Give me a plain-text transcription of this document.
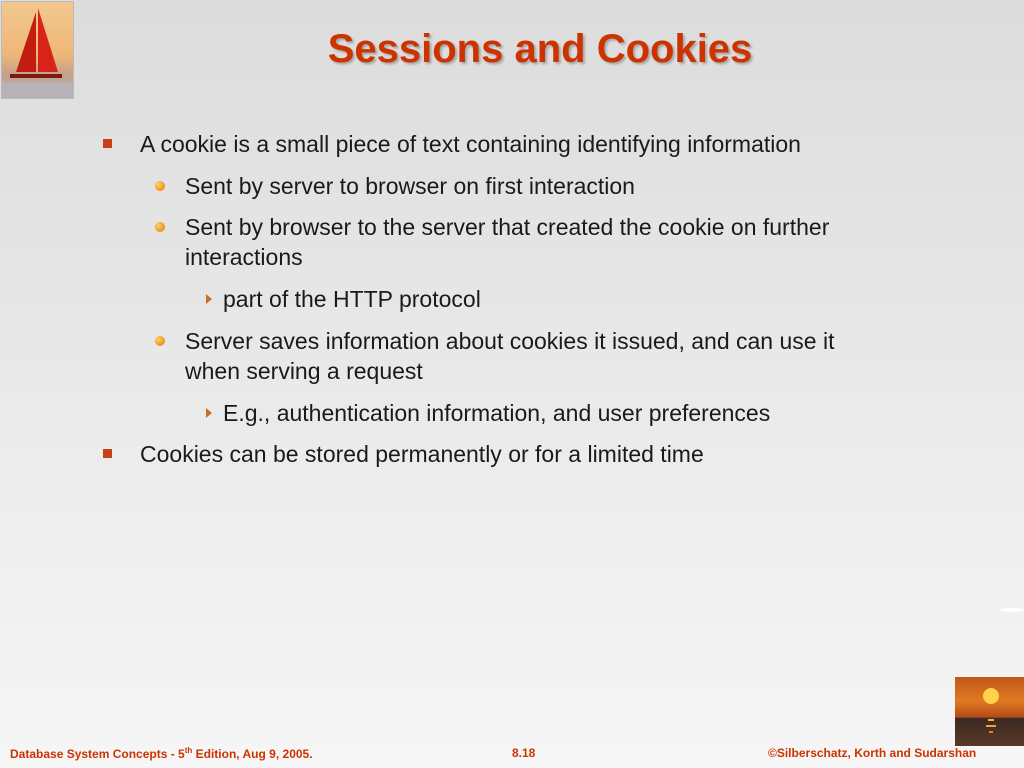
Sessions and Cookies
A cookie is a small piece of text containing identifying information
Sent by server to browser on first interaction
Sent by browser to the server that created the cookie on further
interactions
part of the HTTP protocol
Server saves information about cookies it issued, and can use it
when serving a request
E.g., authentication information, and user preferences
Cookies can be stored permanently or for a limited time
Database System Concepts - 5th Edition, Aug 9, 2005.	8.18	©Silberschatz, Korth and Sudarshan
